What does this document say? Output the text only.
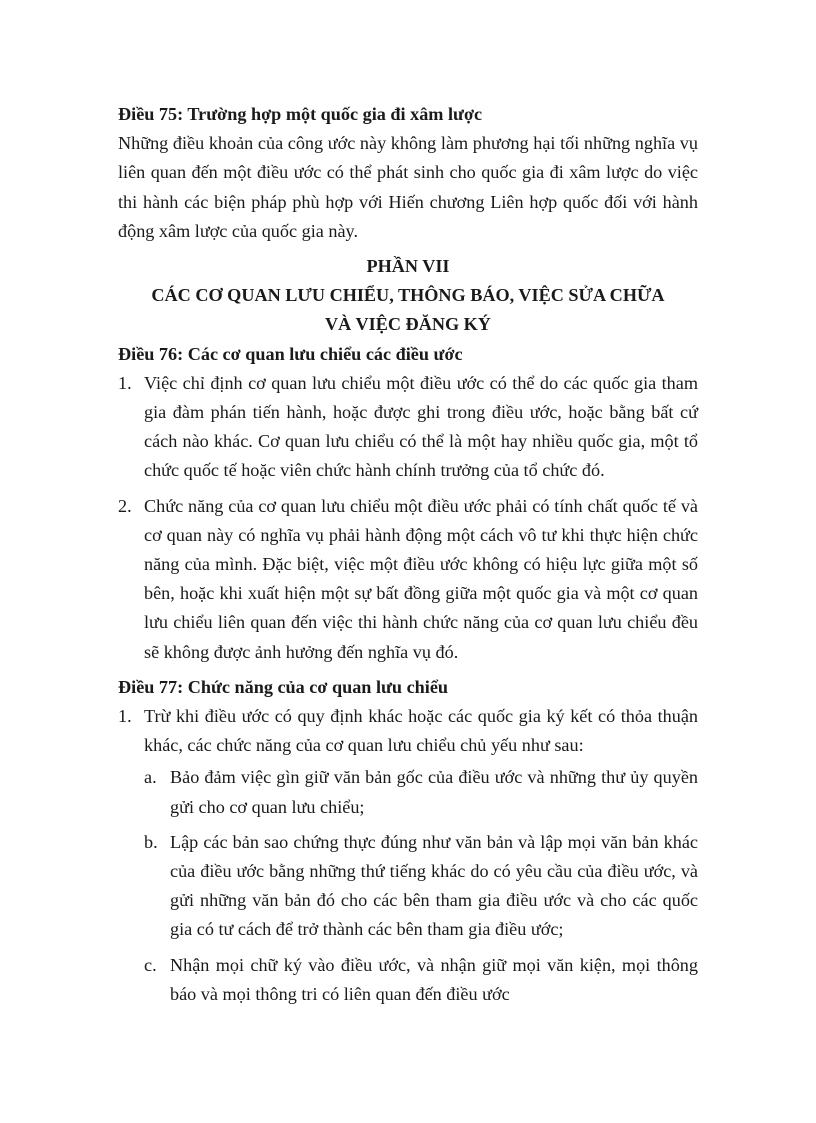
Điều 75: Trường hợp một quốc gia đi xâm lược

Những điều khoản của công ước này không làm phương hại tối những nghĩa vụ liên quan đến một điều ước có thể phát sinh cho quốc gia đi xâm lược do việc thi hành các biện pháp phù hợp với Hiến chương Liên hợp quốc đối với hành động xâm lược của quốc gia này.

PHẦN VII

CÁC CƠ QUAN LƯU CHIỂU, THÔNG BÁO, VIỆC SỬA CHỮA

VÀ VIỆC ĐĂNG KÝ

Điều 76: Các cơ quan lưu chiểu các điều ước

1. Việc chỉ định cơ quan lưu chiểu một điều ước có thể do các quốc gia tham gia đàm phán tiến hành, hoặc được ghi trong điều ước, hoặc bằng bất cứ cách nào khác. Cơ quan lưu chiểu có thể là một hay nhiều quốc gia, một tổ chức quốc tế hoặc viên chức hành chính trưởng của tổ chức đó.
2. Chức năng của cơ quan lưu chiểu một điều ước phải có tính chất quốc tế và cơ quan này có nghĩa vụ phải hành động một cách vô tư khi thực hiện chức năng của mình. Đặc biệt, việc một điều ước không có hiệu lực giữa một số bên, hoặc khi xuất hiện một sự bất đồng giữa một quốc gia và một cơ quan lưu chiểu liên quan đến việc thi hành chức năng của cơ quan lưu chiểu đều sẽ không được ảnh hưởng đến nghĩa vụ đó.

Điều 77: Chức năng của cơ quan lưu chiểu

1. Trừ khi điều ước có quy định khác hoặc các quốc gia ký kết có thỏa thuận khác, các chức năng của cơ quan lưu chiểu chủ yếu như sau:
a. Bảo đảm việc gìn giữ văn bản gốc của điều ước và những thư ủy quyền gửi cho cơ quan lưu chiểu;
b. Lập các bản sao chứng thực đúng như văn bản và lập mọi văn bản khác của điều ước bằng những thứ tiếng khác do có yêu cầu của điều ước, và gửi những văn bản đó cho các bên tham gia điều ước và cho các quốc gia có tư cách để trở thành các bên tham gia điều ước;
c. Nhận mọi chữ ký vào điều ước, và nhận giữ mọi văn kiện, mọi thông báo và mọi thông tri có liên quan đến điều ước
